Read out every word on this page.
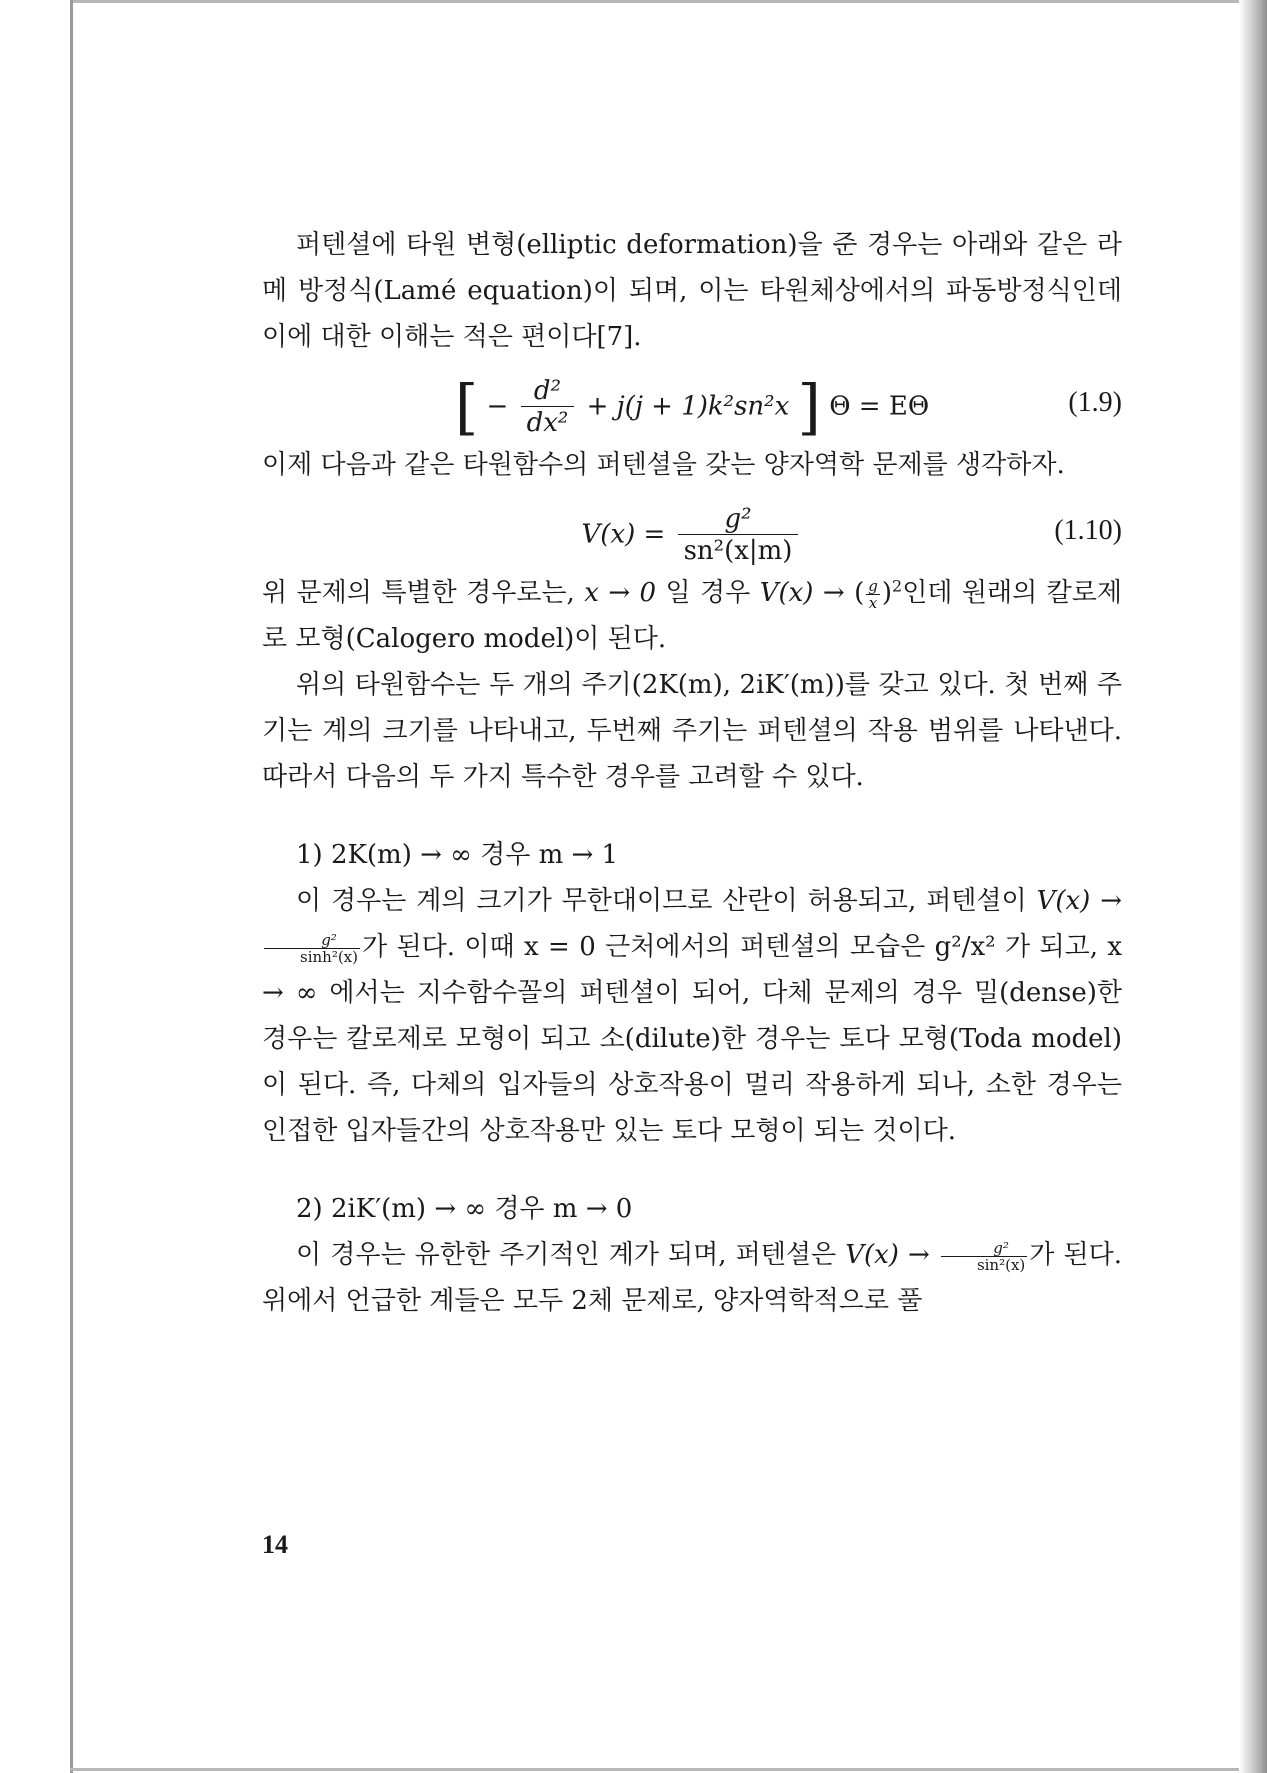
퍼텐셜에 타원 변형(elliptic deformation)을 준 경우는 아래와 같은 라메 방정식(Lamé equation)이 되며, 이는 타원체상에서의 파동방정식인데 이에 대한 이해는 적은 편이다[7].

[ − $\frac{\text{d²}}{\text{dx²}} + j(j + 1)k^2sn^2x$ ] Θ = EΘ	(1.9)

이제 다음과 같은 타원함수의 퍼텐셜을 갖는 양자역학 문제를 생각하자.

$V(x) = \frac{\text{g²}}{\text{sn²(x|m)}}$	(1.10)

위 문제의 특별한 경우로는, x → 0 일 경우 V(x) → ( $\frac{g}{x} )^2$인데 원래의 칼로제로 모형(Calogero model)이 된다.

위의 타원함수는 두 개의 주기(2K(m), 2iK′(m))를 갖고 있다. 첫 번째 주기는 계의 크기를 나타내고, 두번째 주기는 퍼텐셜의 작용 범위를 나타낸다. 따라서 다음의 두 가지 특수한 경우를 고려할 수 있다.

1) 2K(m) → ∞ 경우 m → 1

이 경우는 계의 크기가 무한대이므로 산란이 허용되고, 퍼텐셜이 V(x) →
$\frac{\text{g²}}{\text{sinh²(x)}}$ 가 된다. 이때 x = 0 근처에서의 퍼텐셜의 모습은 g²/x² 가 되고, x → ∞ 에서는 지수함수꼴의 퍼텐셜이 되어, 다체 문제의 경우 밀(dense)한 경우는 칼로제로 모형이 되고 소(dilute)한 경우는 토다 모형(Toda model)이 된다. 즉, 다체의 입자들의 상호작용이 멀리 작용하게 되나, 소한 경우는 인접한 입자들간의 상호작용만 있는 토다 모형이 되는 것이다.

2) 2iK′(m) → ∞ 경우 m → 0

이 경우는 유한한 주기적인 계가 되며, 퍼텐셜은 $V(x) \to \frac{\text{g²}}{\text{sin²(x)}}$ 가 된다. 위에서 언급한 계들은 모두 2체 문제로, 양자역학적으로 풀

14
